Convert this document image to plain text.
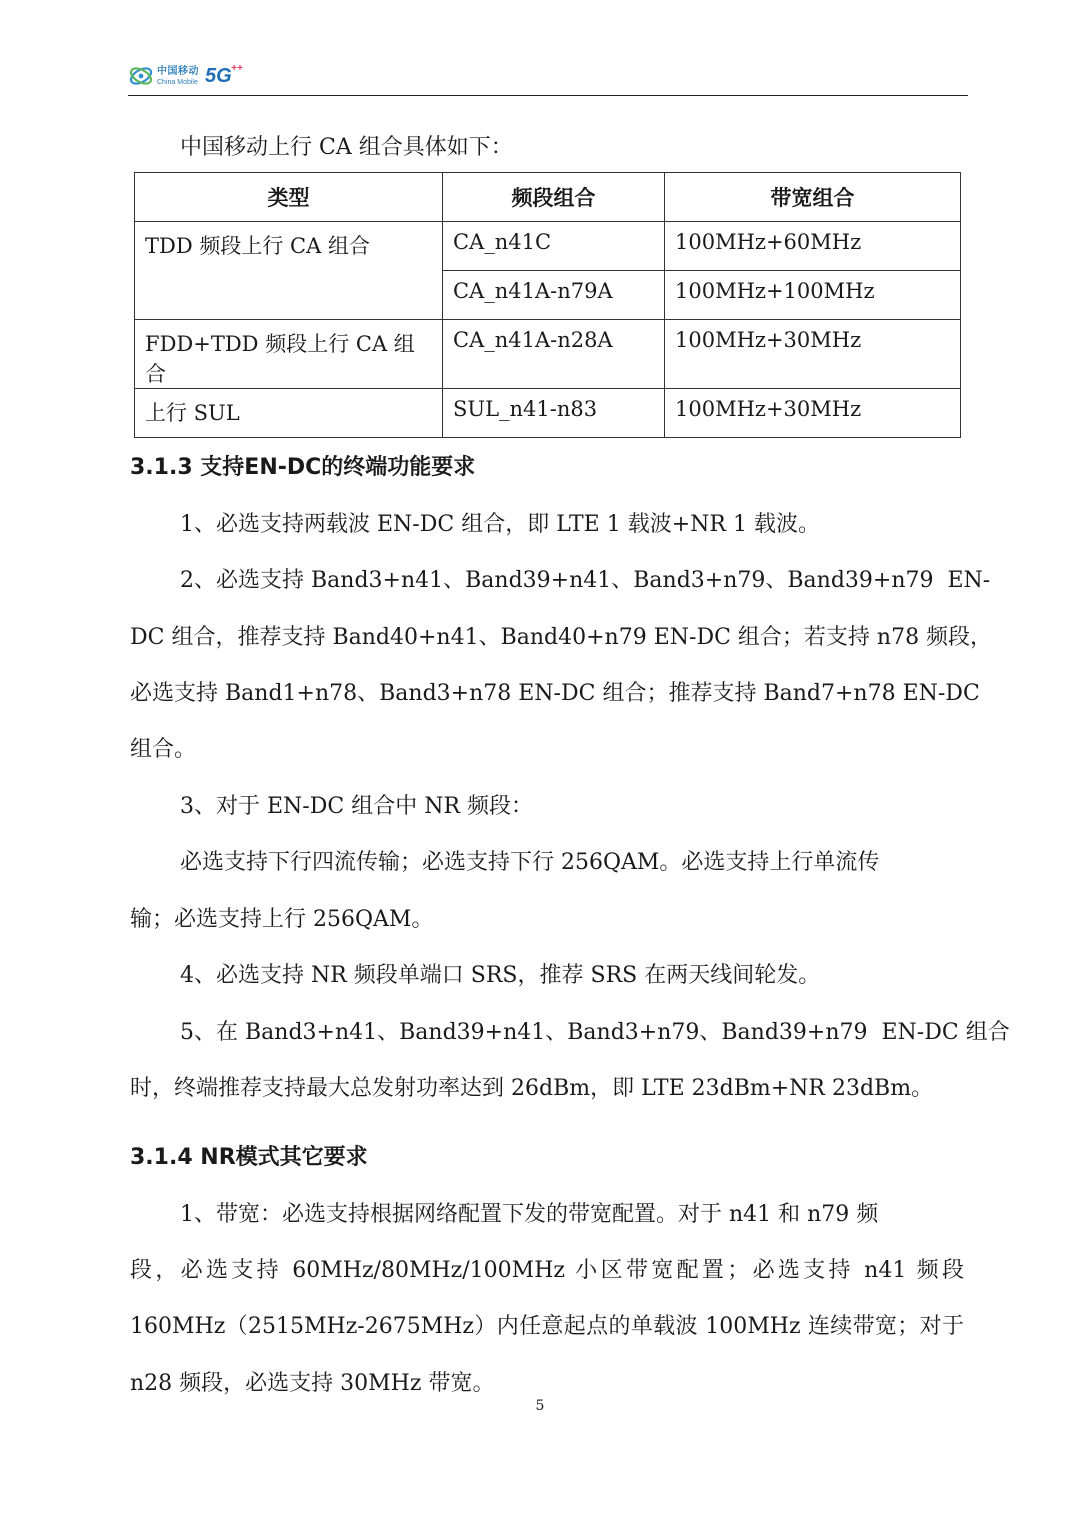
中国移动
China Mobile 5G ++
中国移动上行 CA 组合具体如下：
类型	频段组合	带宽组合
TDD 频段上行 CA 组合	CA_n41C	100MHz+60MHz
	CA_n41A-n79A	100MHz+100MHz
FDD+TDD 频段上行 CA 组合	CA_n41A-n28A	100MHz+30MHz
上行 SUL	SUL_n41-n83	100MHz+30MHz
3.1.3 支持EN-DC的终端功能要求
1、必选支持两载波 EN-DC 组合，即 LTE 1 载波+NR 1 载波。
2、必选支持 Band3+n41、Band39+n41、Band3+n79、Band39+n79  EN-
DC 组合，推荐支持 Band40+n41、Band40+n79 EN-DC 组合；若支持 n78 频段，
必选支持 Band1+n78、Band3+n78 EN-DC 组合；推荐支持 Band7+n78 EN-DC
组合。
3、对于 EN-DC 组合中 NR 频段：
必选支持下行四流传输；必选支持下行 256QAM。必选支持上行单流传
输；必选支持上行 256QAM。
4、必选支持 NR 频段单端口 SRS，推荐 SRS 在两天线间轮发。
5、在 Band3+n41、Band39+n41、Band3+n79、Band39+n79  EN-DC 组合
时，终端推荐支持最大总发射功率达到 26dBm，即 LTE 23dBm+NR 23dBm。
3.1.4 NR模式其它要求
1、带宽：必选支持根据网络配置下发的带宽配置。对于 n41 和 n79 频
段，必选支持 60MHz/80MHz/100MHz 小区带宽配置；必选支持 n41 频段
160MHz（2515MHz-2675MHz）内任意起点的单载波 100MHz 连续带宽；对于
n28 频段，必选支持 30MHz 带宽。
5
